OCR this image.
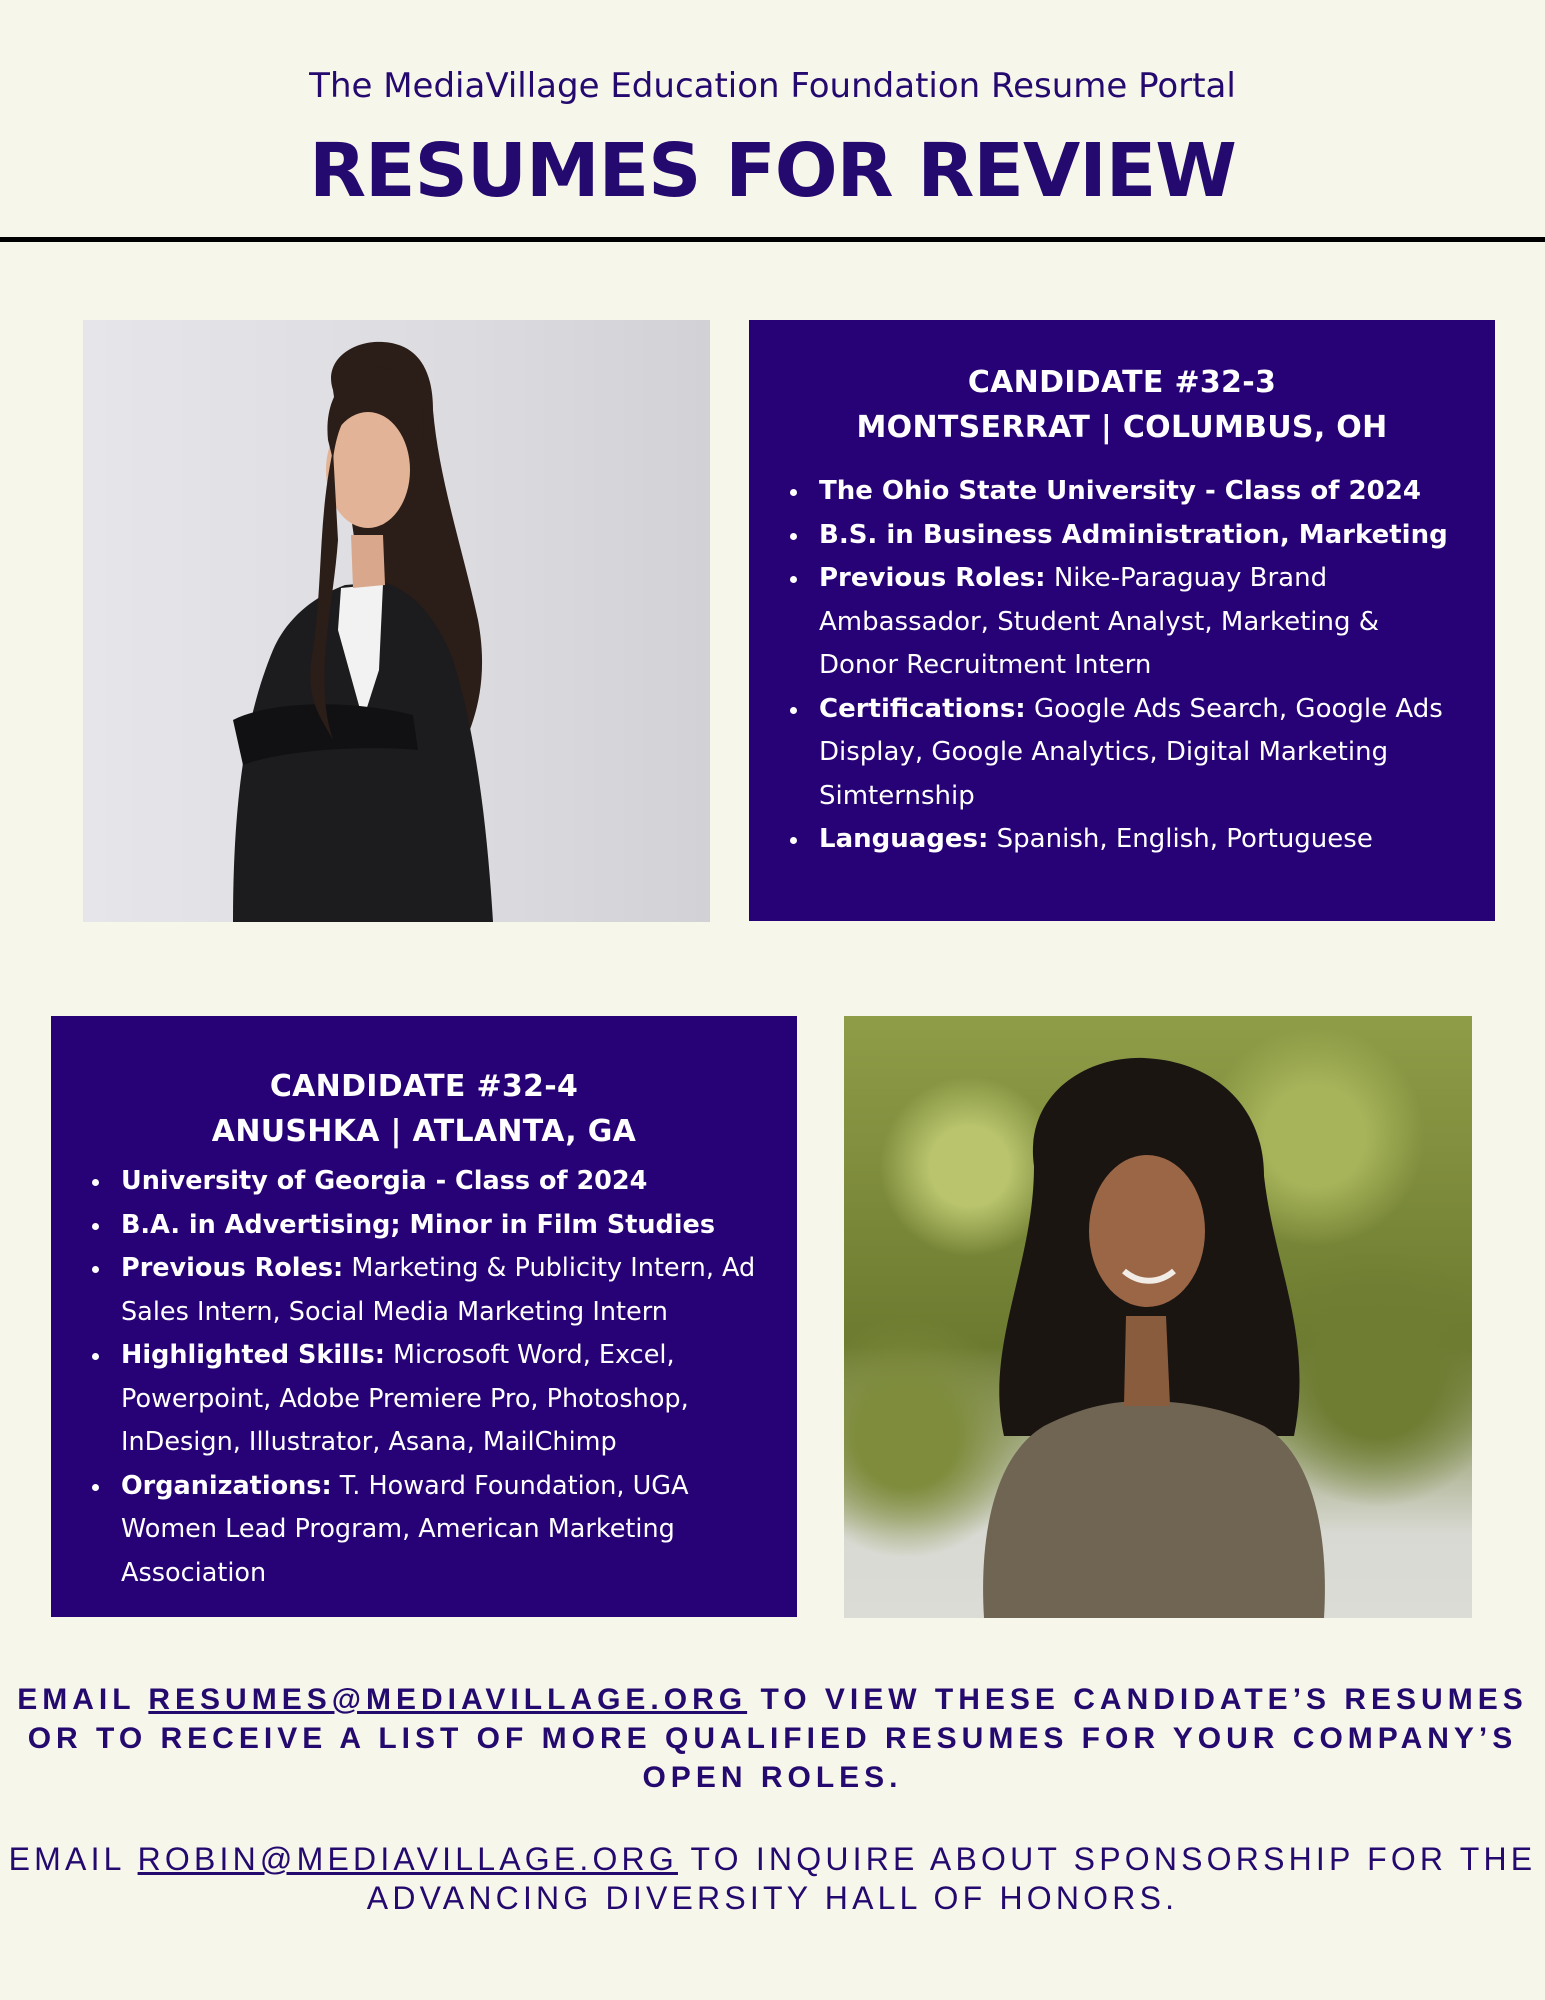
The MediaVillage Education Foundation Resume Portal
RESUMES FOR REVIEW
CANDIDATE #32-3
MONTSERRAT | COLUMBUS, OH
• The Ohio State University - Class of 2024
• B.S. in Business Administration, Marketing
• Previous Roles: Nike-Paraguay Brand Ambassador, Student Analyst, Marketing & Donor Recruitment Intern
• Certifications: Google Ads Search, Google Ads Display, Google Analytics, Digital Marketing Simternship
• Languages: Spanish, English, Portuguese
CANDIDATE #32-4
ANUSHKA | ATLANTA, GA
• University of Georgia - Class of 2024
• B.A. in Advertising; Minor in Film Studies
• Previous Roles: Marketing & Publicity Intern, Ad Sales Intern, Social Media Marketing Intern
• Highlighted Skills: Microsoft Word, Excel, Powerpoint, Adobe Premiere Pro, Photoshop, InDesign, Illustrator, Asana, MailChimp
• Organizations: T. Howard Foundation, UGA Women Lead Program, American Marketing Association
EMAIL RESUMES@MEDIAVILLAGE.ORG TO VIEW THESE CANDIDATE’S RESUMES OR TO RECEIVE A LIST OF MORE QUALIFIED RESUMES FOR YOUR COMPANY’S OPEN ROLES.
EMAIL ROBIN@MEDIAVILLAGE.ORG TO INQUIRE ABOUT SPONSORSHIP FOR THE ADVANCING DIVERSITY HALL OF HONORS.
